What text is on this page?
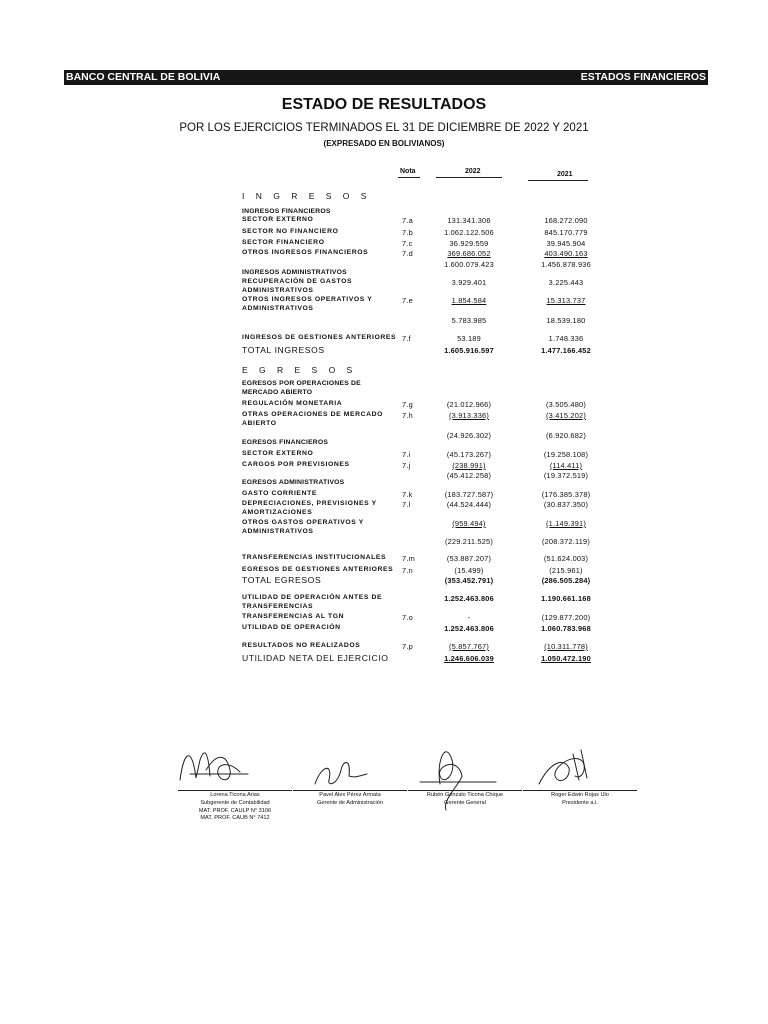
BANCO CENTRAL DE BOLIVIA	ESTADOS FINANCIEROS
ESTADO DE RESULTADOS
POR LOS EJERCICIOS TERMINADOS EL 31 DE DICIEMBRE DE 2022 Y 2021
(EXPRESADO EN BOLIVIANOS)
Nota	2022	2021
I N G R E S O S
INGRESOS FINANCIEROS
SECTOR EXTERNO	7.a	131.341.306	168.272.090
SECTOR NO FINANCIERO	7.b	1.062.122.506	845.170.779
SECTOR FINANCIERO	7.c	36.929.559	39.945.904
OTROS INGRESOS FINANCIEROS	7.d	369.686.052	403.490.163
1.600.079.423	1.456.878.936
INGRESOS ADMINISTRATIVOS
RECUPERACIÓN DE GASTOS
ADMINISTRATIVOS
3.929.401	3.225.443
OTROS INGRESOS OPERATIVOS Y
ADMINISTRATIVOS
7.e	1.854.584	15.313.737
5.783.985	18.539.180
INGRESOS DE GESTIONES ANTERIORES 7.f	53.189	1.748.336
TOTAL INGRESOS	1.605.916.597	1.477.166.452
E G R E S O S
EGRESOS POR OPERACIONES DE
MERCADO ABIERTO
REGULACIÓN MONETARIA	7.g	(21.012.966)	(3.505.480)
OTRAS OPERACIONES DE MERCADO
ABIERTO
7.h	(3.913.336)	(3.415.202)
(24.926.302)	(6.920.682)
EGRESOS FINANCIEROS
SECTOR EXTERNO	7.i	(45.173.267)	(19.258.108)
CARGOS POR PREVISIONES	7.j	(238.991)	(114.411)
(45.412.258)	(19.372.519)
EGRESOS ADMINISTRATIVOS
GASTO CORRIENTE	7.k	(183.727.587)	(176.385.378)
DEPRECIACIONES, PREVISIONES Y
AMORTIZACIONES
7.l	(44.524.444)	(30.837.350)
OTROS GASTOS OPERATIVOS Y
ADMINISTRATIVOS
(959.494)	(1.149.391)
(229.211.525)	(208.372.119)
TRANSFERENCIAS INSTITUCIONALES 7.m	(53.887.207)	(51.624.003)
EGRESOS DE GESTIONES ANTERIORES 7.n	(15.499)	(215.961)
TOTAL EGRESOS	(353.452.791)	(286.505.284)
UTILIDAD DE OPERACIÓN ANTES DE
TRANSFERENCIAS
1.252.463.806	1.190.661.168
TRANSFERENCIAS AL TGN	7.o	-	(129.877.200)
UTILIDAD DE OPERACIÓN	1.252.463.806	1.060.783.968
RESULTADOS NO REALIZADOS	7.p	(5.857.767)	(10.311.778)
UTILIDAD NETA DEL EJERCICIO	1.246.606.039	1.050.472.190
Lorena Ticona Arias
Subgerente de Contabilidad
MAT. PROF. CAULP N° 3106
MAT. PROF. CAUB N° 7412
Pavel Alex Pérez Armata
Gerente de Administración
Rubén Gonzalo Ticona Chique
Gerente General
Roger Edwin Rojas Ulo
Presidente a.i.
